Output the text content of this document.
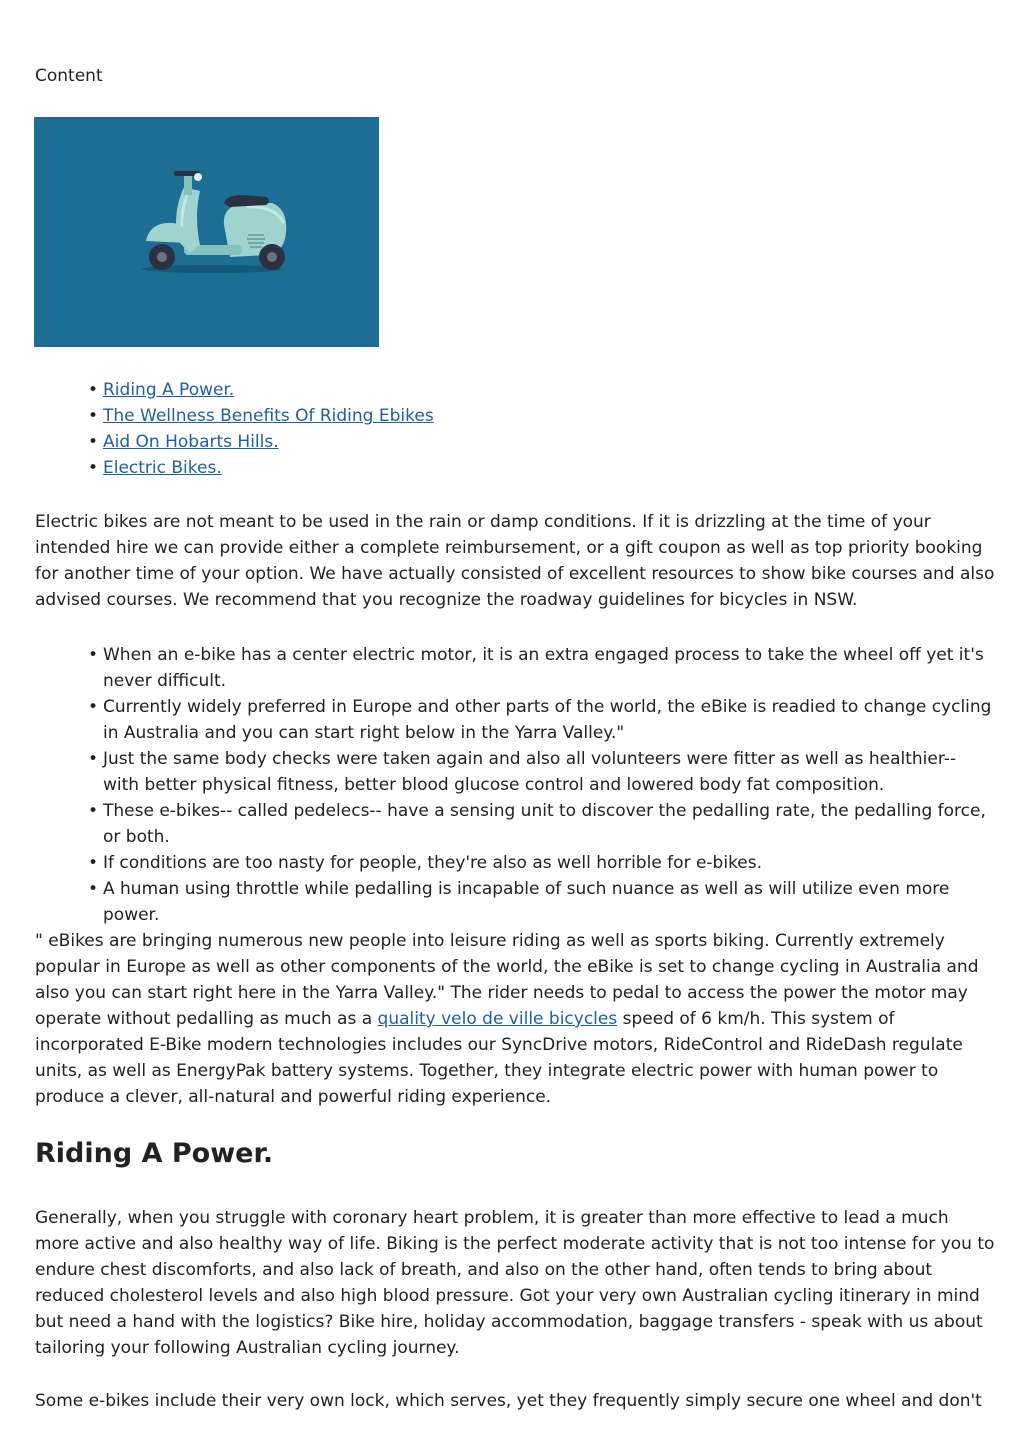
Content
• Riding A Power.
• The Wellness Benefits Of Riding Ebikes
• Aid On Hobarts Hills.
• Electric Bikes.

Electric bikes are not meant to be used in the rain or damp conditions. If it is drizzling at the time of your intended hire we can provide either a complete reimbursement, or a gift coupon as well as top priority booking for another time of your option. We have actually consisted of excellent resources to show bike courses and also advised courses. We recommend that you recognize the roadway guidelines for bicycles in NSW.

• When an e-bike has a center electric motor, it is an extra engaged process to take the wheel off yet it's never difficult.
• Currently widely preferred in Europe and other parts of the world, the eBike is readied to change cycling in Australia and you can start right below in the Yarra Valley."
• Just the same body checks were taken again and also all volunteers were fitter as well as healthier-- with better physical fitness, better blood glucose control and lowered body fat composition.
• These e-bikes-- called pedelecs-- have a sensing unit to discover the pedalling rate, the pedalling force, or both.
• If conditions are too nasty for people, they're also as well horrible for e-bikes.
• A human using throttle while pedalling is incapable of such nuance as well as will utilize even more power.

" eBikes are bringing numerous new people into leisure riding as well as sports biking. Currently extremely popular in Europe as well as other components of the world, the eBike is set to change cycling in Australia and also you can start right here in the Yarra Valley." The rider needs to pedal to access the power the motor may operate without pedalling as much as a quality velo de ville bicycles speed of 6 km/h. This system of incorporated E-Bike modern technologies includes our SyncDrive motors, RideControl and RideDash regulate units, as well as EnergyPak battery systems. Together, they integrate electric power with human power to produce a clever, all-natural and powerful riding experience.

Riding A Power.

Generally, when you struggle with coronary heart problem, it is greater than more effective to lead a much more active and also healthy way of life. Biking is the perfect moderate activity that is not too intense for you to endure chest discomforts, and also lack of breath, and also on the other hand, often tends to bring about reduced cholesterol levels and also high blood pressure. Got your very own Australian cycling itinerary in mind but need a hand with the logistics? Bike hire, holiday accommodation, baggage transfers - speak with us about tailoring your following Australian cycling journey.

Some e-bikes include their very own lock, which serves, yet they frequently simply secure one wheel and don't
